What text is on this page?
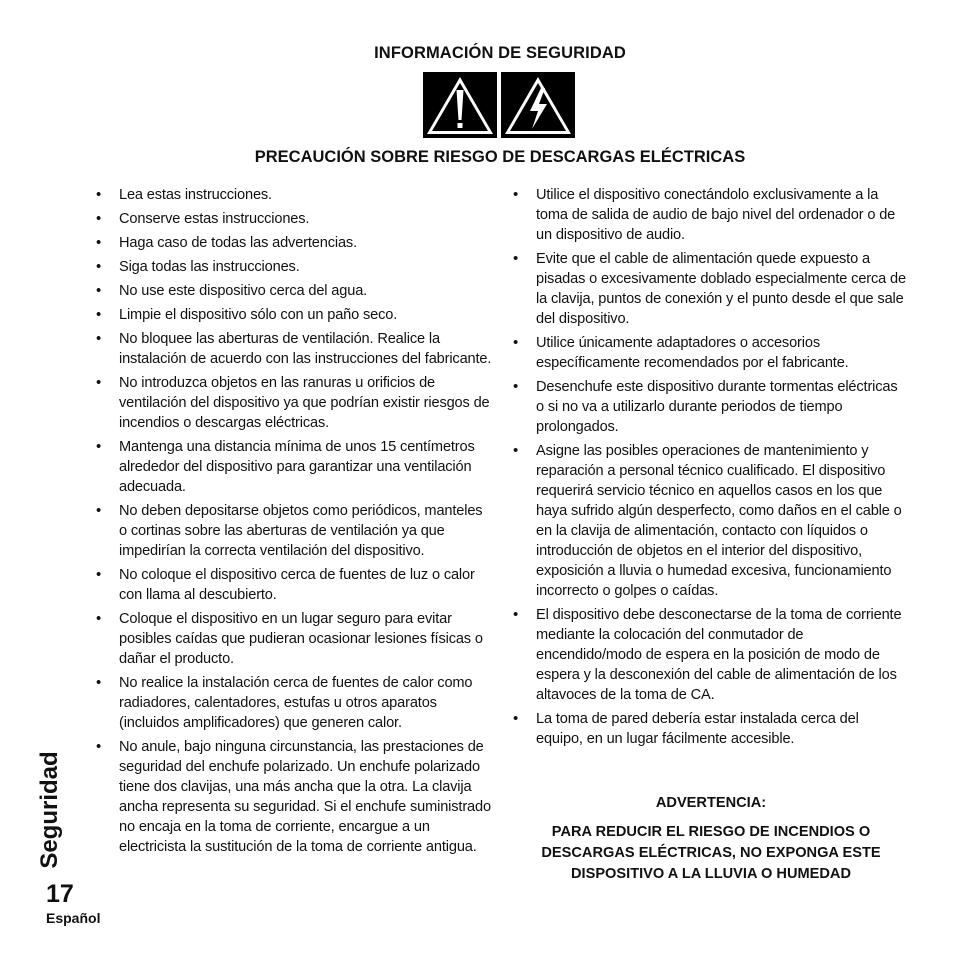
INFORMACIÓN DE SEGURIDAD
PRECAUCIÓN SOBRE RIESGO DE DESCARGAS ELÉCTRICAS
• Lea estas instrucciones.
• Conserve estas instrucciones.
• Haga caso de todas las advertencias.
• Siga todas las instrucciones.
• No use este dispositivo cerca del agua.
• Limpie el dispositivo sólo con un paño seco.
• No bloquee las aberturas de ventilación. Realice la instalación de acuerdo con las instrucciones del fabricante.
• No introduzca objetos en las ranuras u orificios de ventilación del dispositivo ya que podrían existir riesgos de incendios o descargas eléctricas.
• Mantenga una distancia mínima de unos 15 centímetros alrededor del dispositivo para garantizar una ventilación adecuada.
• No deben depositarse objetos como periódicos, manteles o cortinas sobre las aberturas de ventilación ya que impedirían la correcta ventilación del dispositivo.
• No coloque el dispositivo cerca de fuentes de luz o calor con llama al descubierto.
• Coloque el dispositivo en un lugar seguro para evitar posibles caídas que pudieran ocasionar lesiones físicas o dañar el producto.
• No realice la instalación cerca de fuentes de calor como radiadores, calentadores, estufas u otros aparatos (incluidos amplificadores) que generen calor.
• No anule, bajo ninguna circunstancia, las prestaciones de seguridad del enchufe polarizado. Un enchufe polarizado tiene dos clavijas, una más ancha que la otra. La clavija ancha representa su seguridad. Si el enchufe suministrado no encaja en la toma de corriente, encargue a un electricista la sustitución de la toma de corriente antigua.
• Utilice el dispositivo conectándolo exclusivamente a la toma de salida de audio de bajo nivel del ordenador o de un dispositivo de audio.
• Evite que el cable de alimentación quede expuesto a pisadas o excesivamente doblado especialmente cerca de la clavija, puntos de conexión y el punto desde el que sale del dispositivo.
• Utilice únicamente adaptadores o accesorios específicamente recomendados por el fabricante.
• Desenchufe este dispositivo durante tormentas eléctricas o si no va a utilizarlo durante periodos de tiempo prolongados.
• Asigne las posibles operaciones de mantenimiento y reparación a personal técnico cualificado. El dispositivo requerirá servicio técnico en aquellos casos en los que haya sufrido algún desperfecto, como daños en el cable o en la clavija de alimentación, contacto con líquidos o introducción de objetos en el interior del dispositivo, exposición a lluvia o humedad excesiva, funcionamiento incorrecto o golpes o caídas.
• El dispositivo debe desconectarse de la toma de corriente mediante la colocación del conmutador de encendido/modo de espera en la posición de modo de espera y la desconexión del cable de alimentación de los altavoces de la toma de CA.
• La toma de pared debería estar instalada cerca del equipo, en un lugar fácilmente accesible.
ADVERTENCIA:
PARA REDUCIR EL RIESGO DE INCENDIOS O DESCARGAS ELÉCTRICAS, NO EXPONGA ESTE DISPOSITIVO A LA LLUVIA O HUMEDAD
Seguridad
17
Español
